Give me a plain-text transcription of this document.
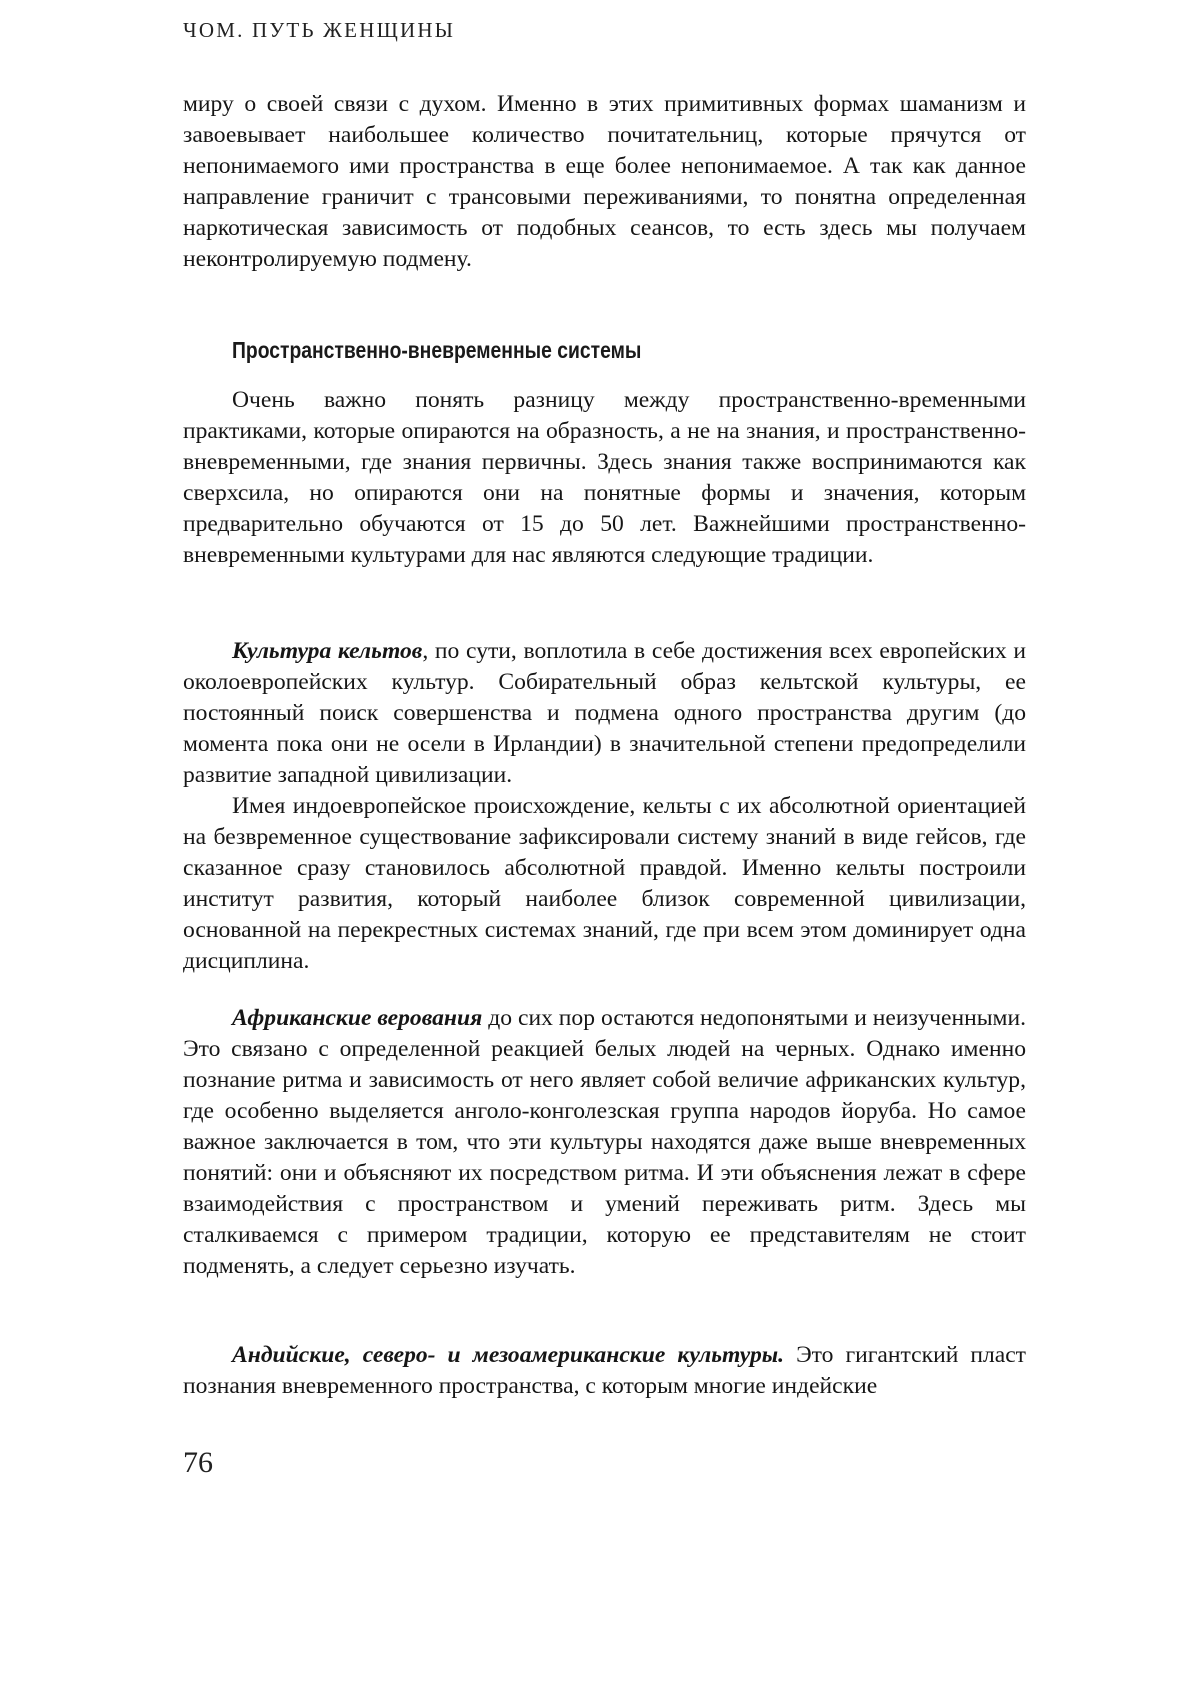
ЧОМ. ПУТЬ ЖЕНЩИНЫ

миру о своей связи с духом. Именно в этих примитивных формах шаманизм и завоевывает наибольшее количество почитательниц, которые прячутся от непонимаемого ими пространства в еще более непонимаемое. А так как данное направление граничит с трансовыми переживаниями, то понятна определенная наркотическая зависимость от подобных сеансов, то есть здесь мы получаем неконтролируемую подмену.

Пространственно-вневременные системы

Очень важно понять разницу между пространственно-временными практиками, которые опираются на образность, а не на знания, и пространственно-вневременными, где знания первичны. Здесь знания также воспринимаются как сверхсила, но опираются они на понятные формы и значения, которым предварительно обучаются от 15 до 50 лет. Важнейшими пространственно-вневременными культурами для нас являются следующие традиции.

Культура кельтов, по сути, воплотила в себе достижения всех европейских и околоевропейских культур. Собирательный образ кельтской культуры, ее постоянный поиск совершенства и подмена одного пространства другим (до момента пока они не осели в Ирландии) в значительной степени предопределили развитие западной цивилизации.

Имея индоевропейское происхождение, кельты с их абсолютной ориентацией на безвременное существование зафиксировали систему знаний в виде гейсов, где сказанное сразу становилось абсолютной правдой. Именно кельты построили институт развития, который наиболее близок современной цивилизации, основанной на перекрестных системах знаний, где при всем этом доминирует одна дисциплина.

Африканские верования до сих пор остаются недопонятыми и неизученными. Это связано с определенной реакцией белых людей на черных. Однако именно познание ритма и зависимость от него являет собой величие африканских культур, где особенно выделяется анголо-конголезская группа народов йоруба. Но самое важное заключается в том, что эти культуры находятся даже выше вневременных понятий: они и объясняют их посредством ритма. И эти объяснения лежат в сфере взаимодействия с пространством и умений переживать ритм. Здесь мы сталкиваемся с примером традиции, которую ее представителям не стоит подменять, а следует серьезно изучать.

Андийские, северо- и мезоамериканские культуры. Это гигантский пласт познания вневременного пространства, с которым многие индейские

76
